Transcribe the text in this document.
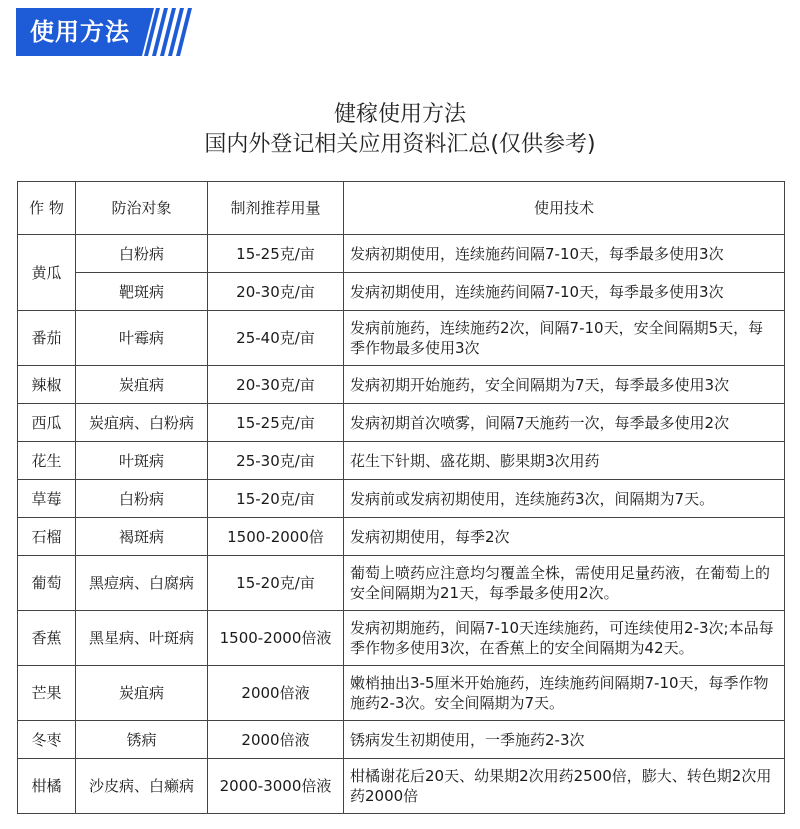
使用方法
健稼使用方法
国内外登记相关应用资料汇总(仅供参考)
作 物	防治对象	制剂推荐用量	使用技术
黄瓜	白粉病	15-25克/亩	发病初期使用，连续施药间隔7-10天，每季最多使用3次
	靶斑病	20-30克/亩	发病初期使用，连续施药间隔7-10天，每季最多使用3次
番茄	叶霉病	25-40克/亩	发病前施药，连续施药2次，间隔7-10天，安全间隔期5天，每季作物最多使用3次
辣椒	炭疽病	20-30克/亩	发病初期开始施药，安全间隔期为7天，每季最多使用3次
西瓜	炭疽病、白粉病	15-25克/亩	发病初期首次喷雾，间隔7天施药一次，每季最多使用2次
花生	叶斑病	25-30克/亩	花生下针期、盛花期、膨果期3次用药
草莓	白粉病	15-20克/亩	发病前或发病初期使用，连续施药3次，间隔期为7天。
石榴	褐斑病	1500-2000倍	发病初期使用，每季2次
葡萄	黑痘病、白腐病	15-20克/亩	葡萄上喷药应注意均匀覆盖全株，需使用足量药液，在葡萄上的安全间隔期为21天，每季最多使用2次。
香蕉	黑星病、叶斑病	1500-2000倍液	发病初期施药，间隔7-10天连续施药，可连续使用2-3次;本品每季作物多使用3次，在香蕉上的安全间隔期为42天。
芒果	炭疽病	2000倍液	嫩梢抽出3-5厘米开始施药，连续施药间隔期7-10天，每季作物施药2-3次。安全间隔期为7天。
冬枣	锈病	2000倍液	锈病发生初期使用，一季施药2-3次
柑橘	沙皮病、白癞病	2000-3000倍液	柑橘谢花后20天、幼果期2次用药2500倍，膨大、转色期2次用药2000倍
